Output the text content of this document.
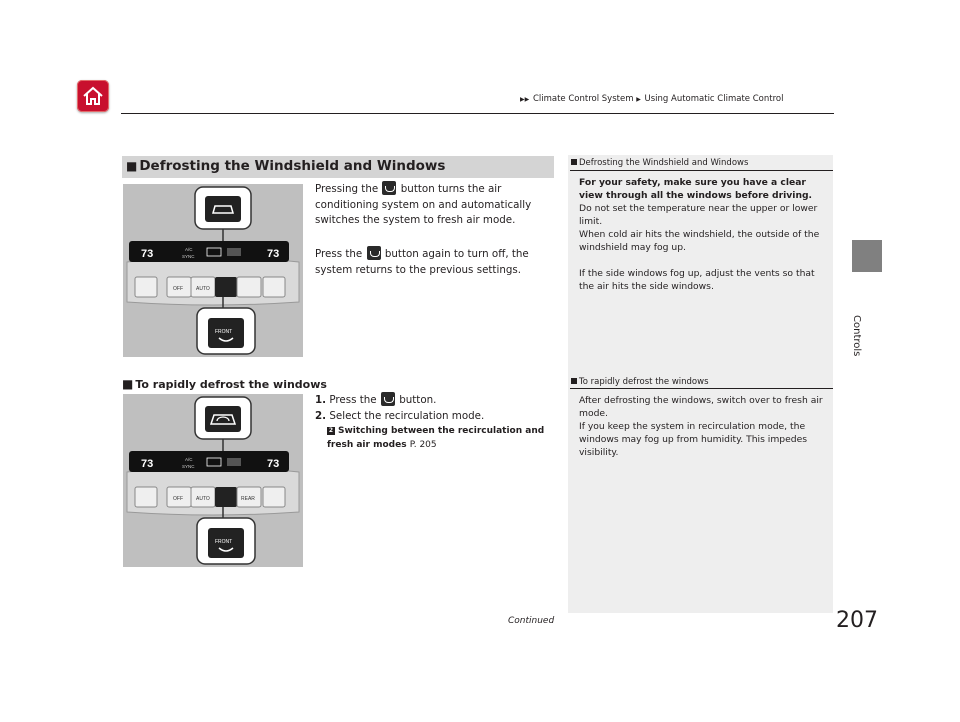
▶▶ Climate Control System ▶ Using Automatic Climate Control
Controls
■ Defrosting the Windshield and Windows
73	73
A/C
SYNC
OFF	AUTO
FRONT
Pressing the button turns the air conditioning system on and automatically switches the system to fresh air mode.
Press the button again to turn off, the system returns to the previous settings.
■ To rapidly defrost the windows
73	73
A/C
SYNC
OFF	AUTO	REAR
FRONT
1. Press the button.
2. Select the recirculation mode.
2 Switching between the recirculation and fresh air modes P. 205
Defrosting the Windshield and Windows
For your safety, make sure you have a clear view through all the windows before driving.
Do not set the temperature near the upper or lower limit.
When cold air hits the windshield, the outside of the windshield may fog up.

If the side windows fog up, adjust the vents so that the air hits the side windows.
To rapidly defrost the windows
After defrosting the windows, switch over to fresh air mode.
If you keep the system in recirculation mode, the windows may fog up from humidity. This impedes visibility.
Continued	207
